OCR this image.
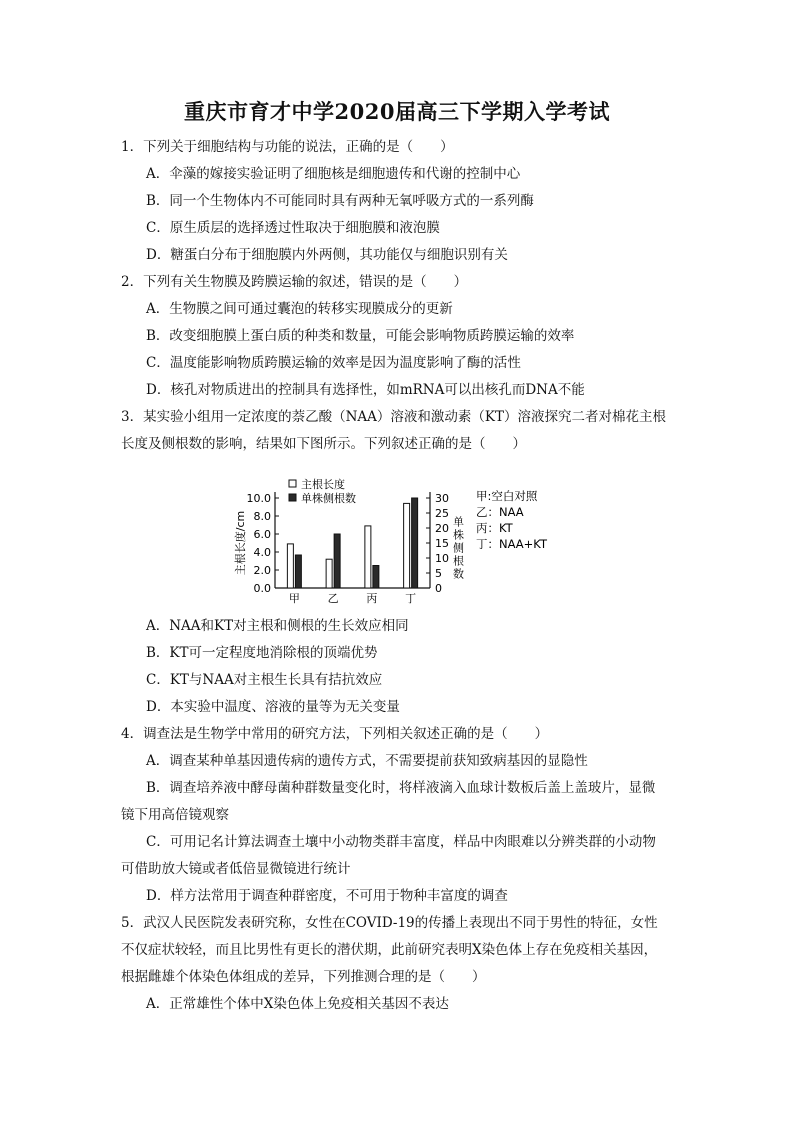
重庆市育才中学2020届高三下学期入学考试
1．下列关于细胞结构与功能的说法，正确的是（　　）
A．伞藻的嫁接实验证明了细胞核是细胞遗传和代谢的控制中心
B．同一个生物体内不可能同时具有两种无氧呼吸方式的一系列酶
C．原生质层的选择透过性取决于细胞膜和液泡膜
D．糖蛋白分布于细胞膜内外两侧，其功能仅与细胞识别有关
2．下列有关生物膜及跨膜运输的叙述，错误的是（　　）
A．生物膜之间可通过囊泡的转移实现膜成分的更新
B．改变细胞膜上蛋白质的种类和数量，可能会影响物质跨膜运输的效率
C．温度能影响物质跨膜运输的效率是因为温度影响了酶的活性
D．核孔对物质进出的控制具有选择性，如mRNA可以出核孔而DNA不能
3．某实验小组用一定浓度的萘乙酸（NAA）溶液和激动素（KT）溶液探究二者对棉花主根
长度及侧根数的影响，结果如下图所示。下列叙述正确的是（　　）
A．NAA和KT对主根和侧根的生长效应相同
B．KT可一定程度地消除根的顶端优势
C．KT与NAA对主根生长具有拮抗效应
D．本实验中温度、溶液的量等为无关变量
4．调查法是生物学中常用的研究方法，下列相关叙述正确的是（　　）
A．调查某种单基因遗传病的遗传方式，不需要提前获知致病基因的显隐性
B．调查培养液中酵母菌种群数量变化时，将样液滴入血球计数板后盖上盖玻片，显微
镜下用高倍镜观察
C．可用记名计算法调查土壤中小动物类群丰富度，样品中肉眼难以分辨类群的小动物
可借助放大镜或者低倍显微镜进行统计
D．样方法常用于调查种群密度，不可用于物种丰富度的调查
5．武汉人民医院发表研究称，女性在COVID-19的传播上表现出不同于男性的特征，女性
不仅症状较轻，而且比男性有更长的潜伏期，此前研究表明X染色体上存在免疫相关基因，
根据雌雄个体染色体组成的差异，下列推测合理的是（　　）
A．正常雄性个体中X染色体上免疫相关基因不表达
主根长度/cm	单株侧根数
0.0
2.0
4.0
6.0
8.0
10.0
0
5
10
15
20
25
30
甲	乙	丙	丁
主根长度
单株侧根数	甲:空白对照
乙：NAA
丙：KT
丁：NAA+KT
